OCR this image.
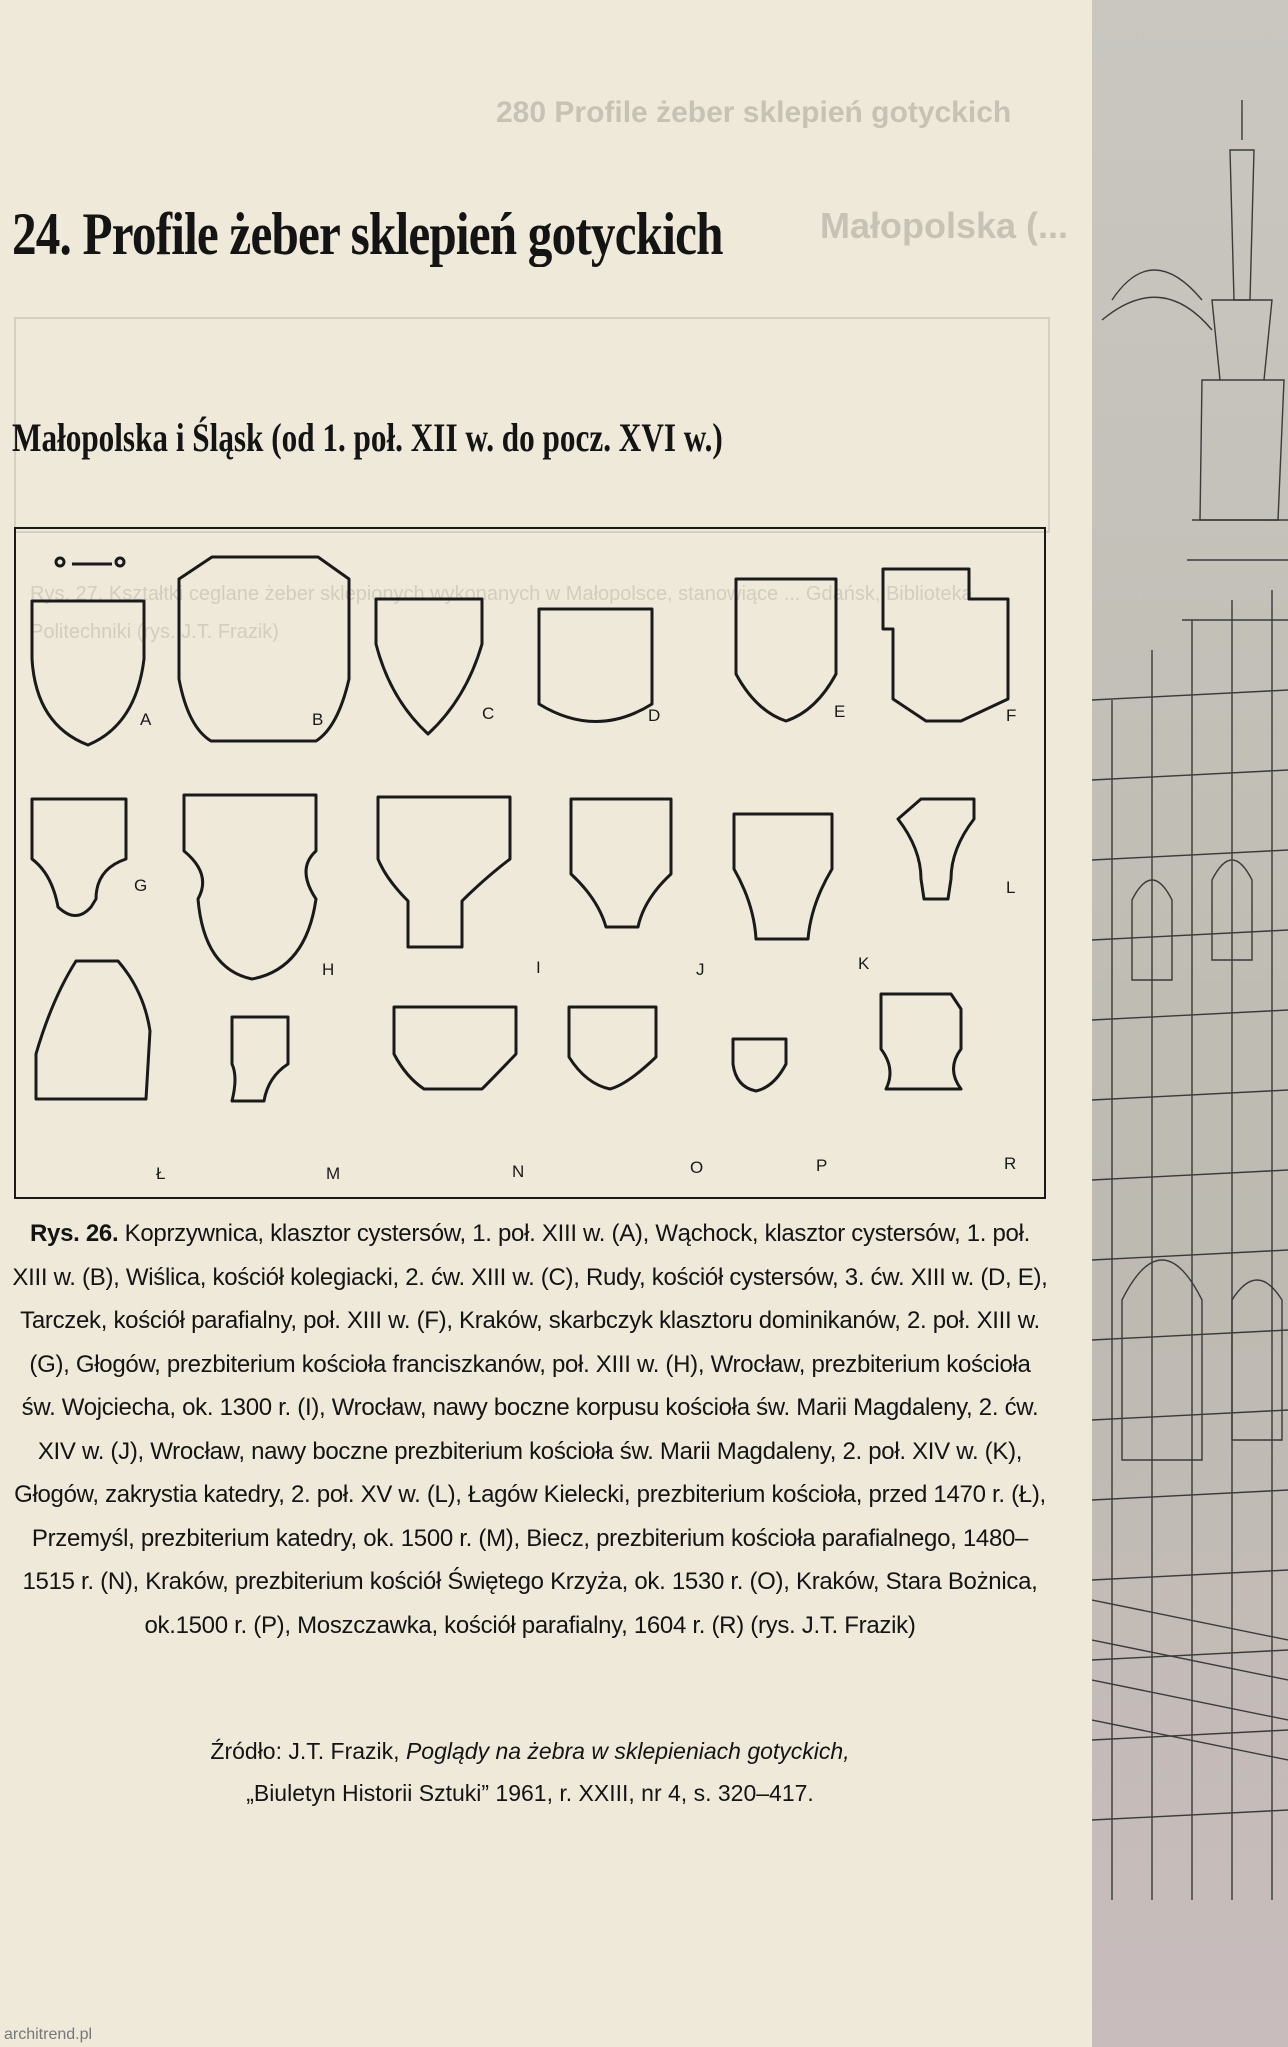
280 Profile żeber sklepień gotyckich
Małopolska (...
Rys. 27. Kształtki ceglane żeber sklepionych wykonanych w Małopolsce, stanowiące ... Gdańsk, Biblioteka Politechniki (rys. J.T. Frazik)
24. Profile żeber sklepień gotyckich
Małopolska i Śląsk (od 1. poł. XII w. do pocz. XVI w.)
A	B	C	D	E	F
G
H	I	J	K
L
Ł	M	N	O	P	R

Rys. 26. Koprzywnica, klasztor cystersów, 1. poł. XIII w. (A), Wąchock, klasztor cystersów, 1. poł. XIII w. (B), Wiślica, kościół kolegiacki, 2. ćw. XIII w. (C), Rudy, kościół cystersów, 3. ćw. XIII w. (D, E), Tarczek, kościół parafialny, poł. XIII w. (F), Kraków, skarbczyk klasztoru dominikanów, 2. poł. XIII w. (G), Głogów, prezbiterium kościoła franciszkanów, poł. XIII w. (H), Wrocław, prezbiterium kościoła św. Wojciecha, ok. 1300 r. (I), Wrocław, nawy boczne korpusu kościoła św. Marii Magdaleny, 2. ćw. XIV w. (J), Wrocław, nawy boczne prezbiterium kościoła św. Marii Magdaleny, 2. poł. XIV w. (K), Głogów, zakrystia katedry, 2. poł. XV w. (L), Łagów Kielecki, prezbiterium kościoła, przed 1470 r. (Ł), Przemyśl, prezbiterium katedry, ok. 1500 r. (M), Biecz, prezbiterium kościoła parafialnego, 1480–1515 r. (N), Kraków, prezbiterium kościół Świętego Krzyża, ok. 1530 r. (O), Kraków, Stara Bożnica, ok.1500 r. (P), Moszczawka, kościół parafialny, 1604 r. (R) (rys. J.T. Frazik)

Źródło: J.T. Frazik, Poglądy na żebra w sklepieniach gotyckich,
„Biuletyn Historii Sztuki” 1961, r. XXIII, nr 4, s. 320–417.
architrend.pl
